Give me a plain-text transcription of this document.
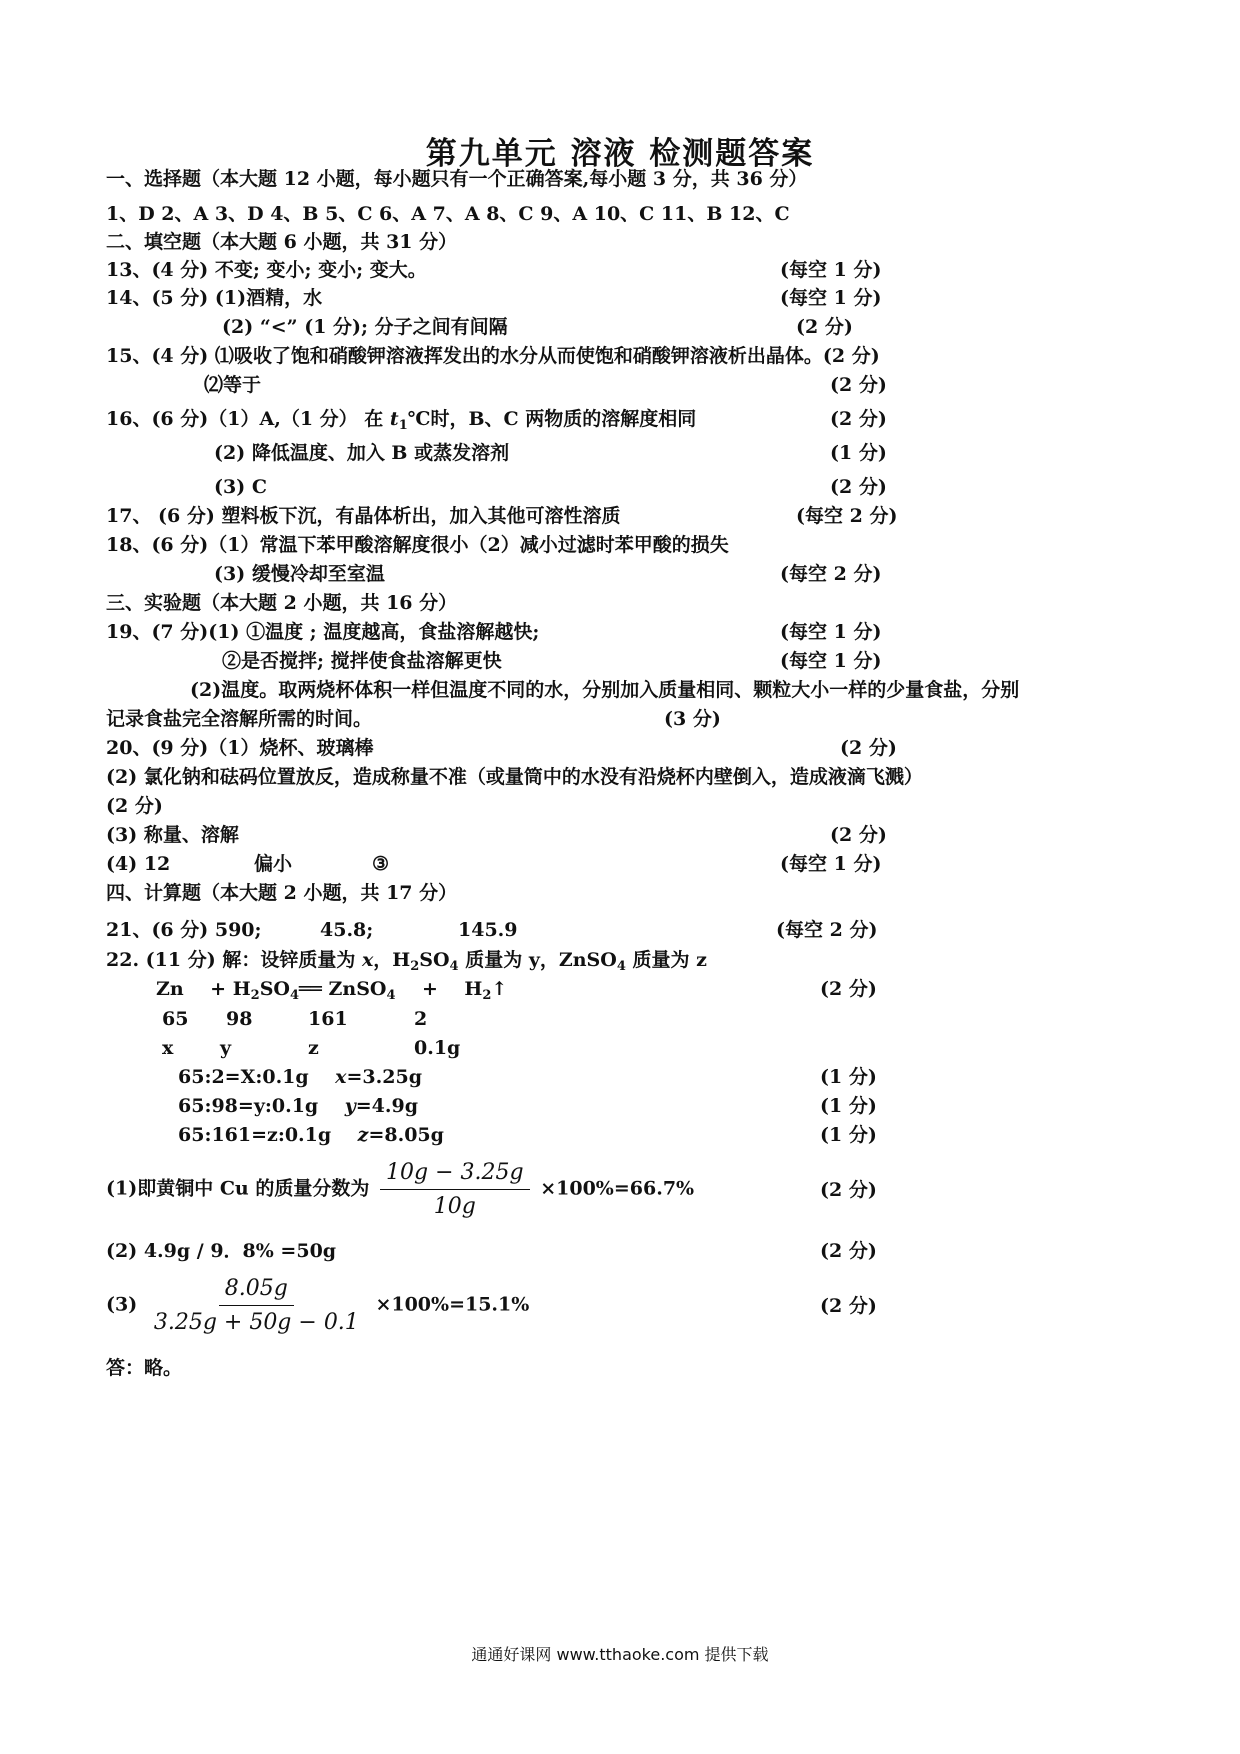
第九单元 溶液 检测题答案
一、选择题（本大题 12 小题，每小题只有一个正确答案,每小题 3 分，共 36 分）
1、D 2、A 3、D 4、B 5、C 6、A 7、A 8、C 9、A 10、C 11、B 12、C
二、填空题（本大题 6 小题，共 31 分）
13、(4 分) 不变; 变小; 变小; 变大。	(每空 1 分)
14、(5 分) (1)酒精，水	(每空 1 分)
(2) “<” (1 分); 分子之间有间隔	(2 分)
15、(4 分) ⑴吸收了饱和硝酸钾溶液挥发出的水分从而使饱和硝酸钾溶液析出晶体。(2 分)
⑵等于	(2 分)
16、(6 分)（1）A,（1 分） 在 $t_1℃$时，B、C 两物质的溶解度相同	(2 分)
(2) 降低温度、加入 B 或蒸发溶剂	(1 分)
(3) C	(2 分)
17、 (6 分) 塑料板下沉，有晶体析出，加入其他可溶性溶质	(每空 2 分)
18、(6 分)（1）常温下苯甲酸溶解度很小（2）减小过滤时苯甲酸的损失
(3) 缓慢冷却至室温	(每空 2 分)
三、实验题（本大题 2 小题，共 16 分）
19、(7 分)(1) ①温度 ; 温度越高，食盐溶解越快;	(每空 1 分)
②是否搅拌; 搅拌使食盐溶解更快	(每空 1 分)
(2)温度。取两烧杯体积一样但温度不同的水，分别加入质量相同、颗粒大小一样的少量食盐，分别
记录食盐完全溶解所需的时间。	(3 分)
20、(9 分)（1）烧杯、玻璃棒	(2 分)
(2) 氯化钠和砝码位置放反，造成称量不准（或量筒中的水没有沿烧杯内壁倒入，造成液滴飞溅）
(2 分)
(3) 称量、溶解	(2 分)
(4) 12	偏小	③	(每空 1 分)
四、计算题（本大题 2 小题，共 17 分）
21、(6 分) 590;	45.8;	145.9	(每空 2 分)
22. (11 分) 解：设锌质量为 x，$H_2SO_4$ 质量为 y，ZnSO$_4$ 质量为 z
$Zn + H_2SO_4══$ ZnSO$_4$ + $H_2↑$	(2 分)
65 98	161	2
x y	z	0.1g
65:2=X:0.1g x=3.25g	(1 分)
65:98=y:0.1g y=4.9g	(1 分)
65:161=z:0.1g z=8.05g	(1 分)
(1)即黄铜中 Cu 的质量分数为 $\frac{10g - 3.25g}{10g} \times 100\%=66.7\%$	(2 分)
(2) 4.9g / 9．8% =50g	(2 分)
$(3) \frac{8.05g}{3.25g + 50g - 0.1} \times 100\%=15.1\%$	(2 分)
答：略。
通通好课网 www.tthaoke.com 提供下载
